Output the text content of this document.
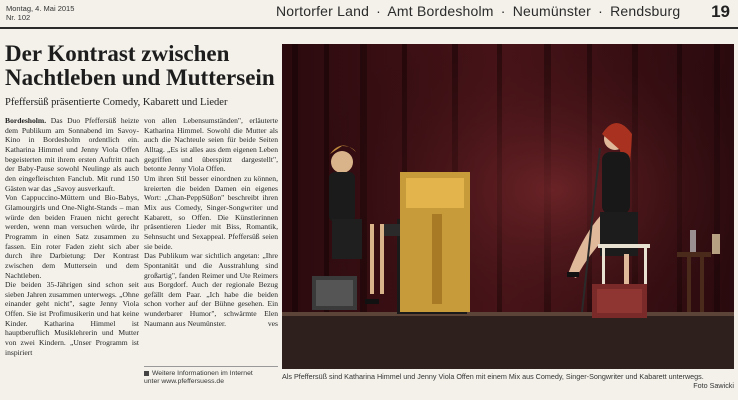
Montag, 4. Mai 2015
Nr. 102	Nortorfer Land · Amt Bordesholm · Neumünster · Rendsburg 19
Der Kontrast zwischen
Nachtleben und Muttersein
Pfeffersüß präsentierte Comedy, Kabarett und Lieder

Bordesholm. Das Duo Pfeffersüß heizte dem Publikum am Sonnabend im Savoy-Kino in Bordesholm ordentlich ein. Katharina Himmel und Jenny Viola Offen begeisterten mit ihrem ersten Auftritt nach der Baby-Pause sowohl Neulinge als auch den eingefleischten Fanclub. Mit rund 150 Gästen war das „Savoy ausverkauft.

Von Cappuccino-Müttern und Bio-Babys, Glamourgirls und One-Night-Stands – man würde den beiden Frauen nicht gerecht werden, wenn man versuchen würde, ihr Programm in einen Satz zusammen zu fassen. Ein roter Faden zieht sich aber durch ihre Darbietung: Der Kontrast zwischen dem Muttersein und dem Nachtleben.

Die beiden 35-Jährigen sind schon seit sieben Jahren zusammen unterwegs. „Ohne einander geht nicht", sagte Jenny Viola Offen. Sie ist Profimusikerin und hat keine Kinder. Katharina Himmel ist hauptberuflich Musiklehrerin und Mutter von zwei Kindern. „Unser Programm ist inspiriert

von allen Lebensumständen", erläuterte Katharina Himmel. Sowohl die Mutter als auch die Nachteule seien für beide Seiten Alltag. „Es ist alles aus dem eigenen Leben gegriffen und überspitzt dargestellt", betonte Jenny Viola Offen.

Um ihren Stil besser einordnen zu können, kreierten die beiden Damen ein eigenes Wort: „Chan-PeppSüßon" beschreibt ihren Mix aus Comedy, Singer-Songwriter und Kabarett, so Offen. Die Künstlerinnen präsentieren Lieder mit Biss, Romantik, Sehnsucht und Sexappeal. Pfeffersüß seien sie beide.

Das Publikum war sichtlich angetan: „Ihre Spontanität und die Ausstrahlung sind großartig", fanden Reimer und Ute Reimers aus Borgdorf. Auch der regionale Bezug gefällt dem Paar. „Ich habe die beiden schon vorher auf der Bühne gesehen. Ein wunderbarer Humor", schwärmte Elen Naumann aus Neumünster.	ves

Weitere Informationen im Internet
unter www.pfeffersuess.de
Als Pfeffersüß sind Katharina Himmel und Jenny Viola Offen mit einem Mix aus Comedy, Singer-Songwriter und Kabarett unterwegs.
Foto Sawicki
